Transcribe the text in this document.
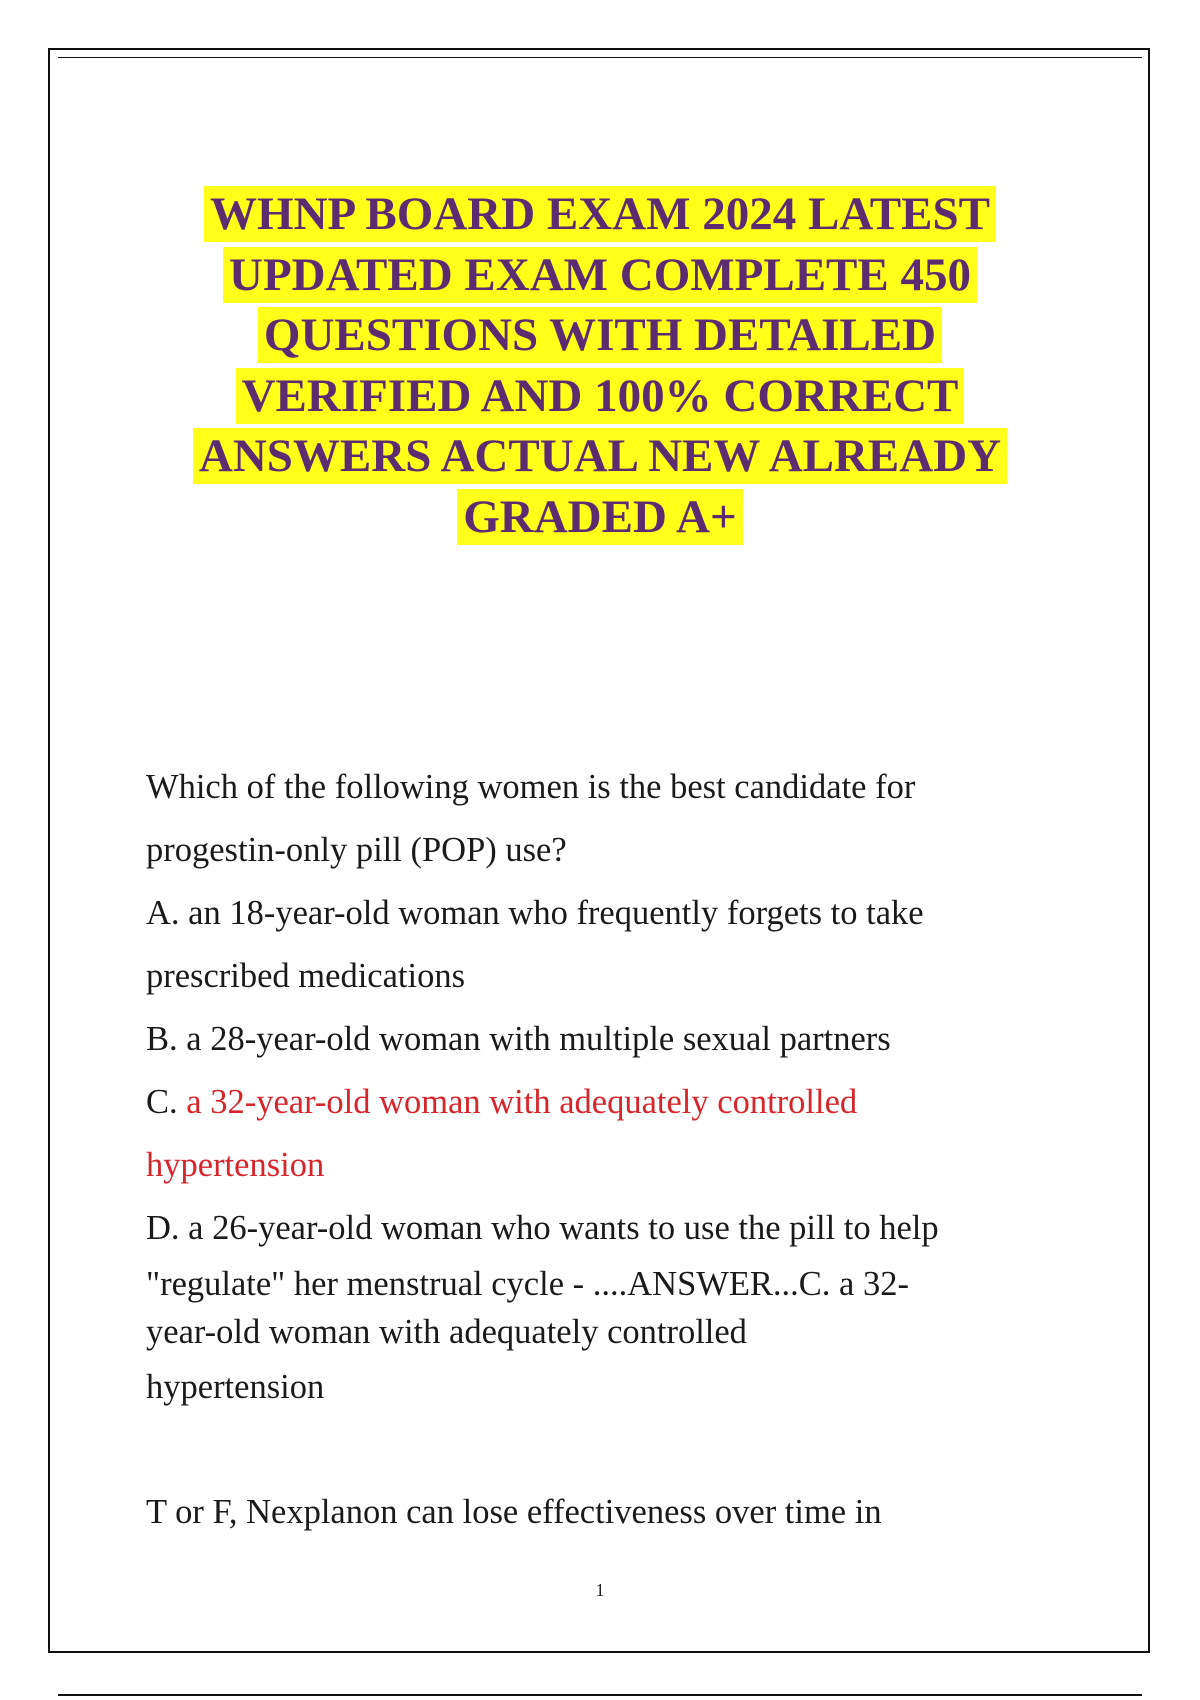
WHNP BOARD EXAM 2024 LATEST
UPDATED EXAM COMPLETE 450
QUESTIONS WITH DETAILED
VERIFIED AND 100% CORRECT
ANSWERS ACTUAL NEW ALREADY
GRADED A+
Which of the following women is the best candidate for
progestin-only pill (POP) use?
A. an 18-year-old woman who frequently forgets to take
prescribed medications
B. a 28-year-old woman with multiple sexual partners
C. a 32-year-old woman with adequately controlled
hypertension
D. a 26-year-old woman who wants to use the pill to help

"regulate" her menstrual cycle - ....ANSWER...C. a 32-
year-old woman with adequately controlled
hypertension
T or F, Nexplanon can lose effectiveness over time in
1
